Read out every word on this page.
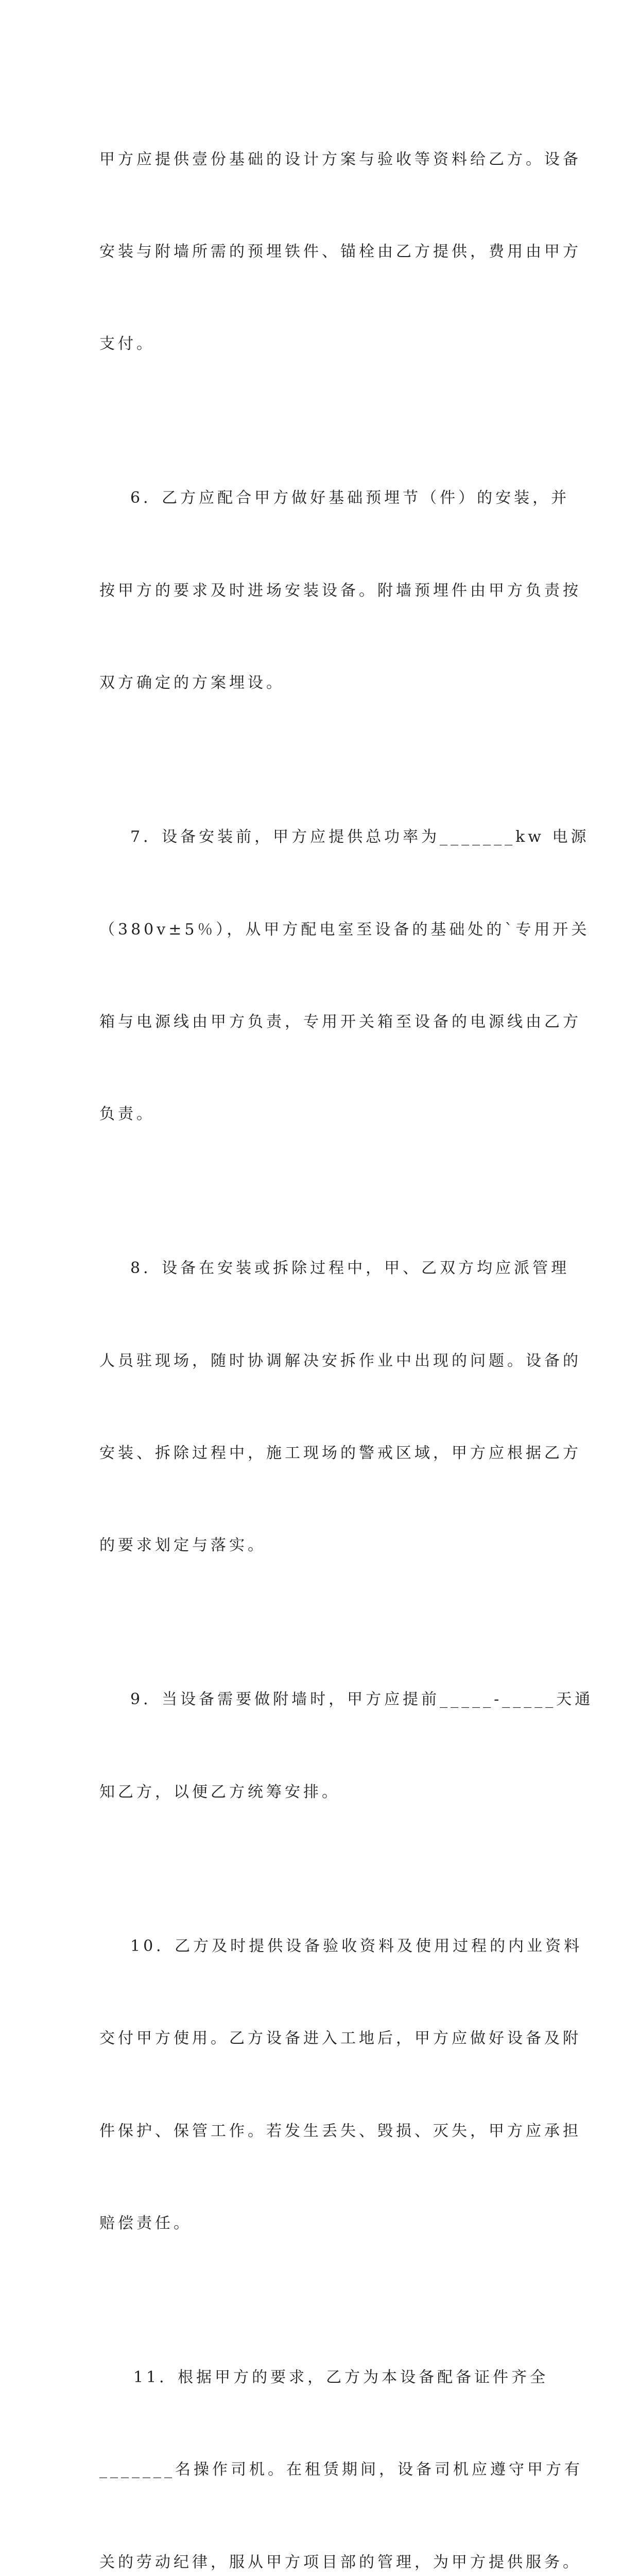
甲方应提供壹份基础的设计方案与验收等资料给乙方。设备

安装与附墙所需的预埋铁件、锚栓由乙方提供，费用由甲方

支付。

6．乙方应配合甲方做好基础预埋节（件）的安装，并

按甲方的要求及时进场安装设备。附墙预埋件由甲方负责按

双方确定的方案埋设。

7．设备安装前，甲方应提供总功率为_______kw 电源

（380v±5％），从甲方配电室至设备的基础处的`专用开关

箱与电源线由甲方负责，专用开关箱至设备的电源线由乙方

负责。

8．设备在安装或拆除过程中，甲、乙双方均应派管理

人员驻现场，随时协调解决安拆作业中出现的问题。设备的

安装、拆除过程中，施工现场的警戒区域，甲方应根据乙方

的要求划定与落实。

9．当设备需要做附墙时，甲方应提前_____-_____天通

知乙方，以便乙方统筹安排。

10．乙方及时提供设备验收资料及使用过程的内业资料

交付甲方使用。乙方设备进入工地后，甲方应做好设备及附

件保护、保管工作。若发生丢失、毁损、灭失，甲方应承担

赔偿责任。

11．根据甲方的要求，乙方为本设备配备证件齐全

_______名操作司机。在租赁期间，设备司机应遵守甲方有

关的劳动纪律，服从甲方项目部的管理，为甲方提供服务。
